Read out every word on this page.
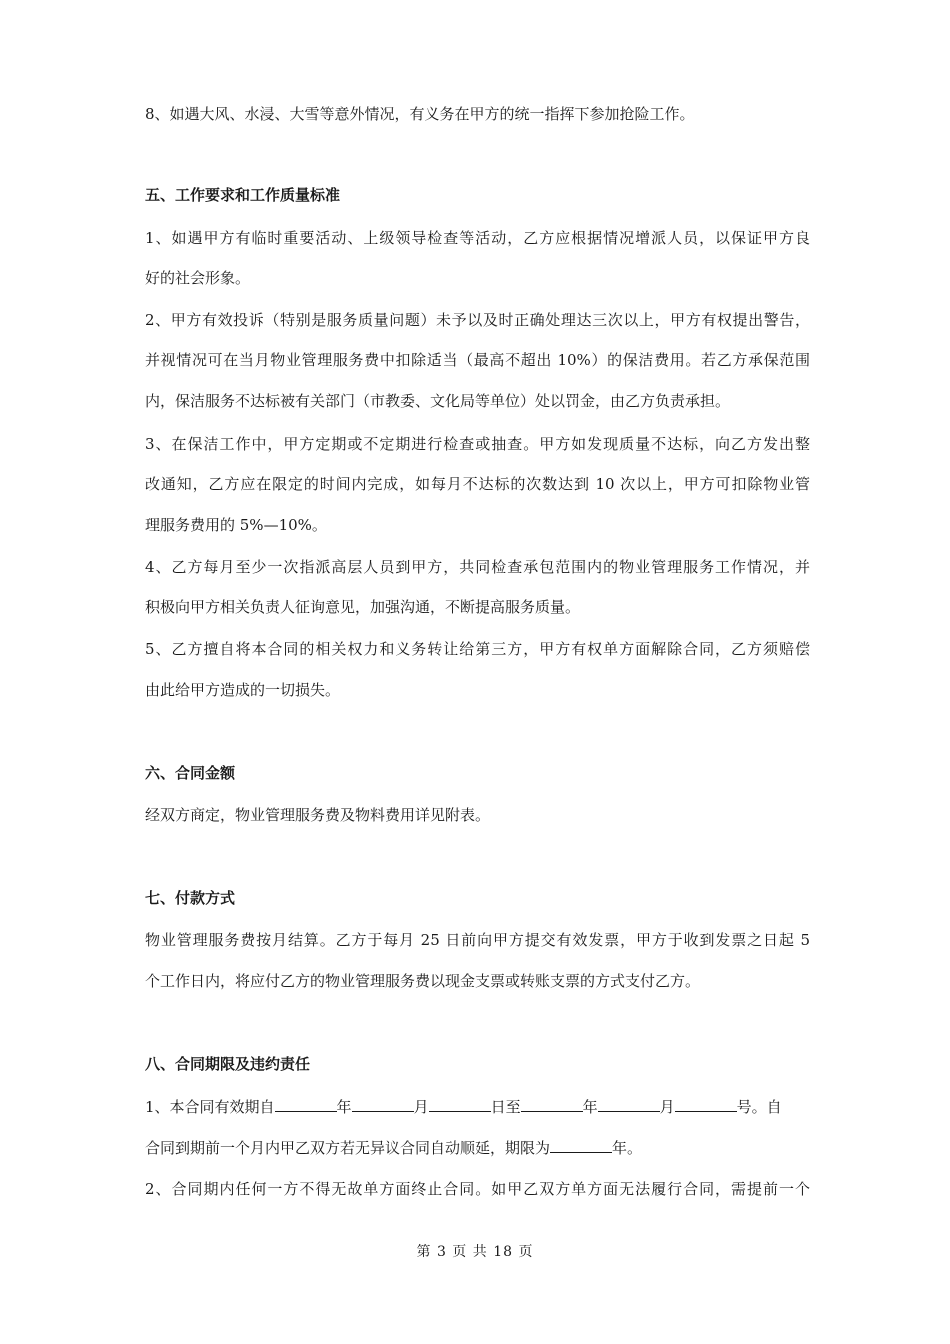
8、如遇大风、水浸、大雪等意外情况，有义务在甲方的统一指挥下参加抢险工作。
五、工作要求和工作质量标准
1、如遇甲方有临时重要活动、上级领导检查等活动，乙方应根据情况增派人员，以保证甲方良
好的社会形象。
2、甲方有效投诉（特别是服务质量问题）未予以及时正确处理达三次以上，甲方有权提出警告，
并视情况可在当月物业管理服务费中扣除适当（最高不超出 10%）的保洁费用。若乙方承保范围
内，保洁服务不达标被有关部门（市教委、文化局等单位）处以罚金，由乙方负责承担。
3、在保洁工作中，甲方定期或不定期进行检查或抽查。甲方如发现质量不达标，向乙方发出整
改通知，乙方应在限定的时间内完成，如每月不达标的次数达到 10 次以上，甲方可扣除物业管
理服务费用的 5%—10%。
4、乙方每月至少一次指派高层人员到甲方，共同检查承包范围内的物业管理服务工作情况，并
积极向甲方相关负责人征询意见，加强沟通，不断提高服务质量。
5、乙方擅自将本合同的相关权力和义务转让给第三方，甲方有权单方面解除合同，乙方须赔偿
由此给甲方造成的一切损失。
六、合同金额
经双方商定，物业管理服务费及物料费用详见附表。
七、付款方式
物业管理服务费按月结算。乙方于每月 25 日前向甲方提交有效发票，甲方于收到发票之日起 5
个工作日内，将应付乙方的物业管理服务费以现金支票或转账支票的方式支付乙方。
八、合同期限及违约责任
1、本合同有效期自	年	月	日至	年	月	号。自
合同到期前一个月内甲乙双方若无异议合同自动顺延，期限为	年。
2、合同期内任何一方不得无故单方面终止合同。如甲乙双方单方面无法履行合同，需提前一个
第 3 页 共 18 页
